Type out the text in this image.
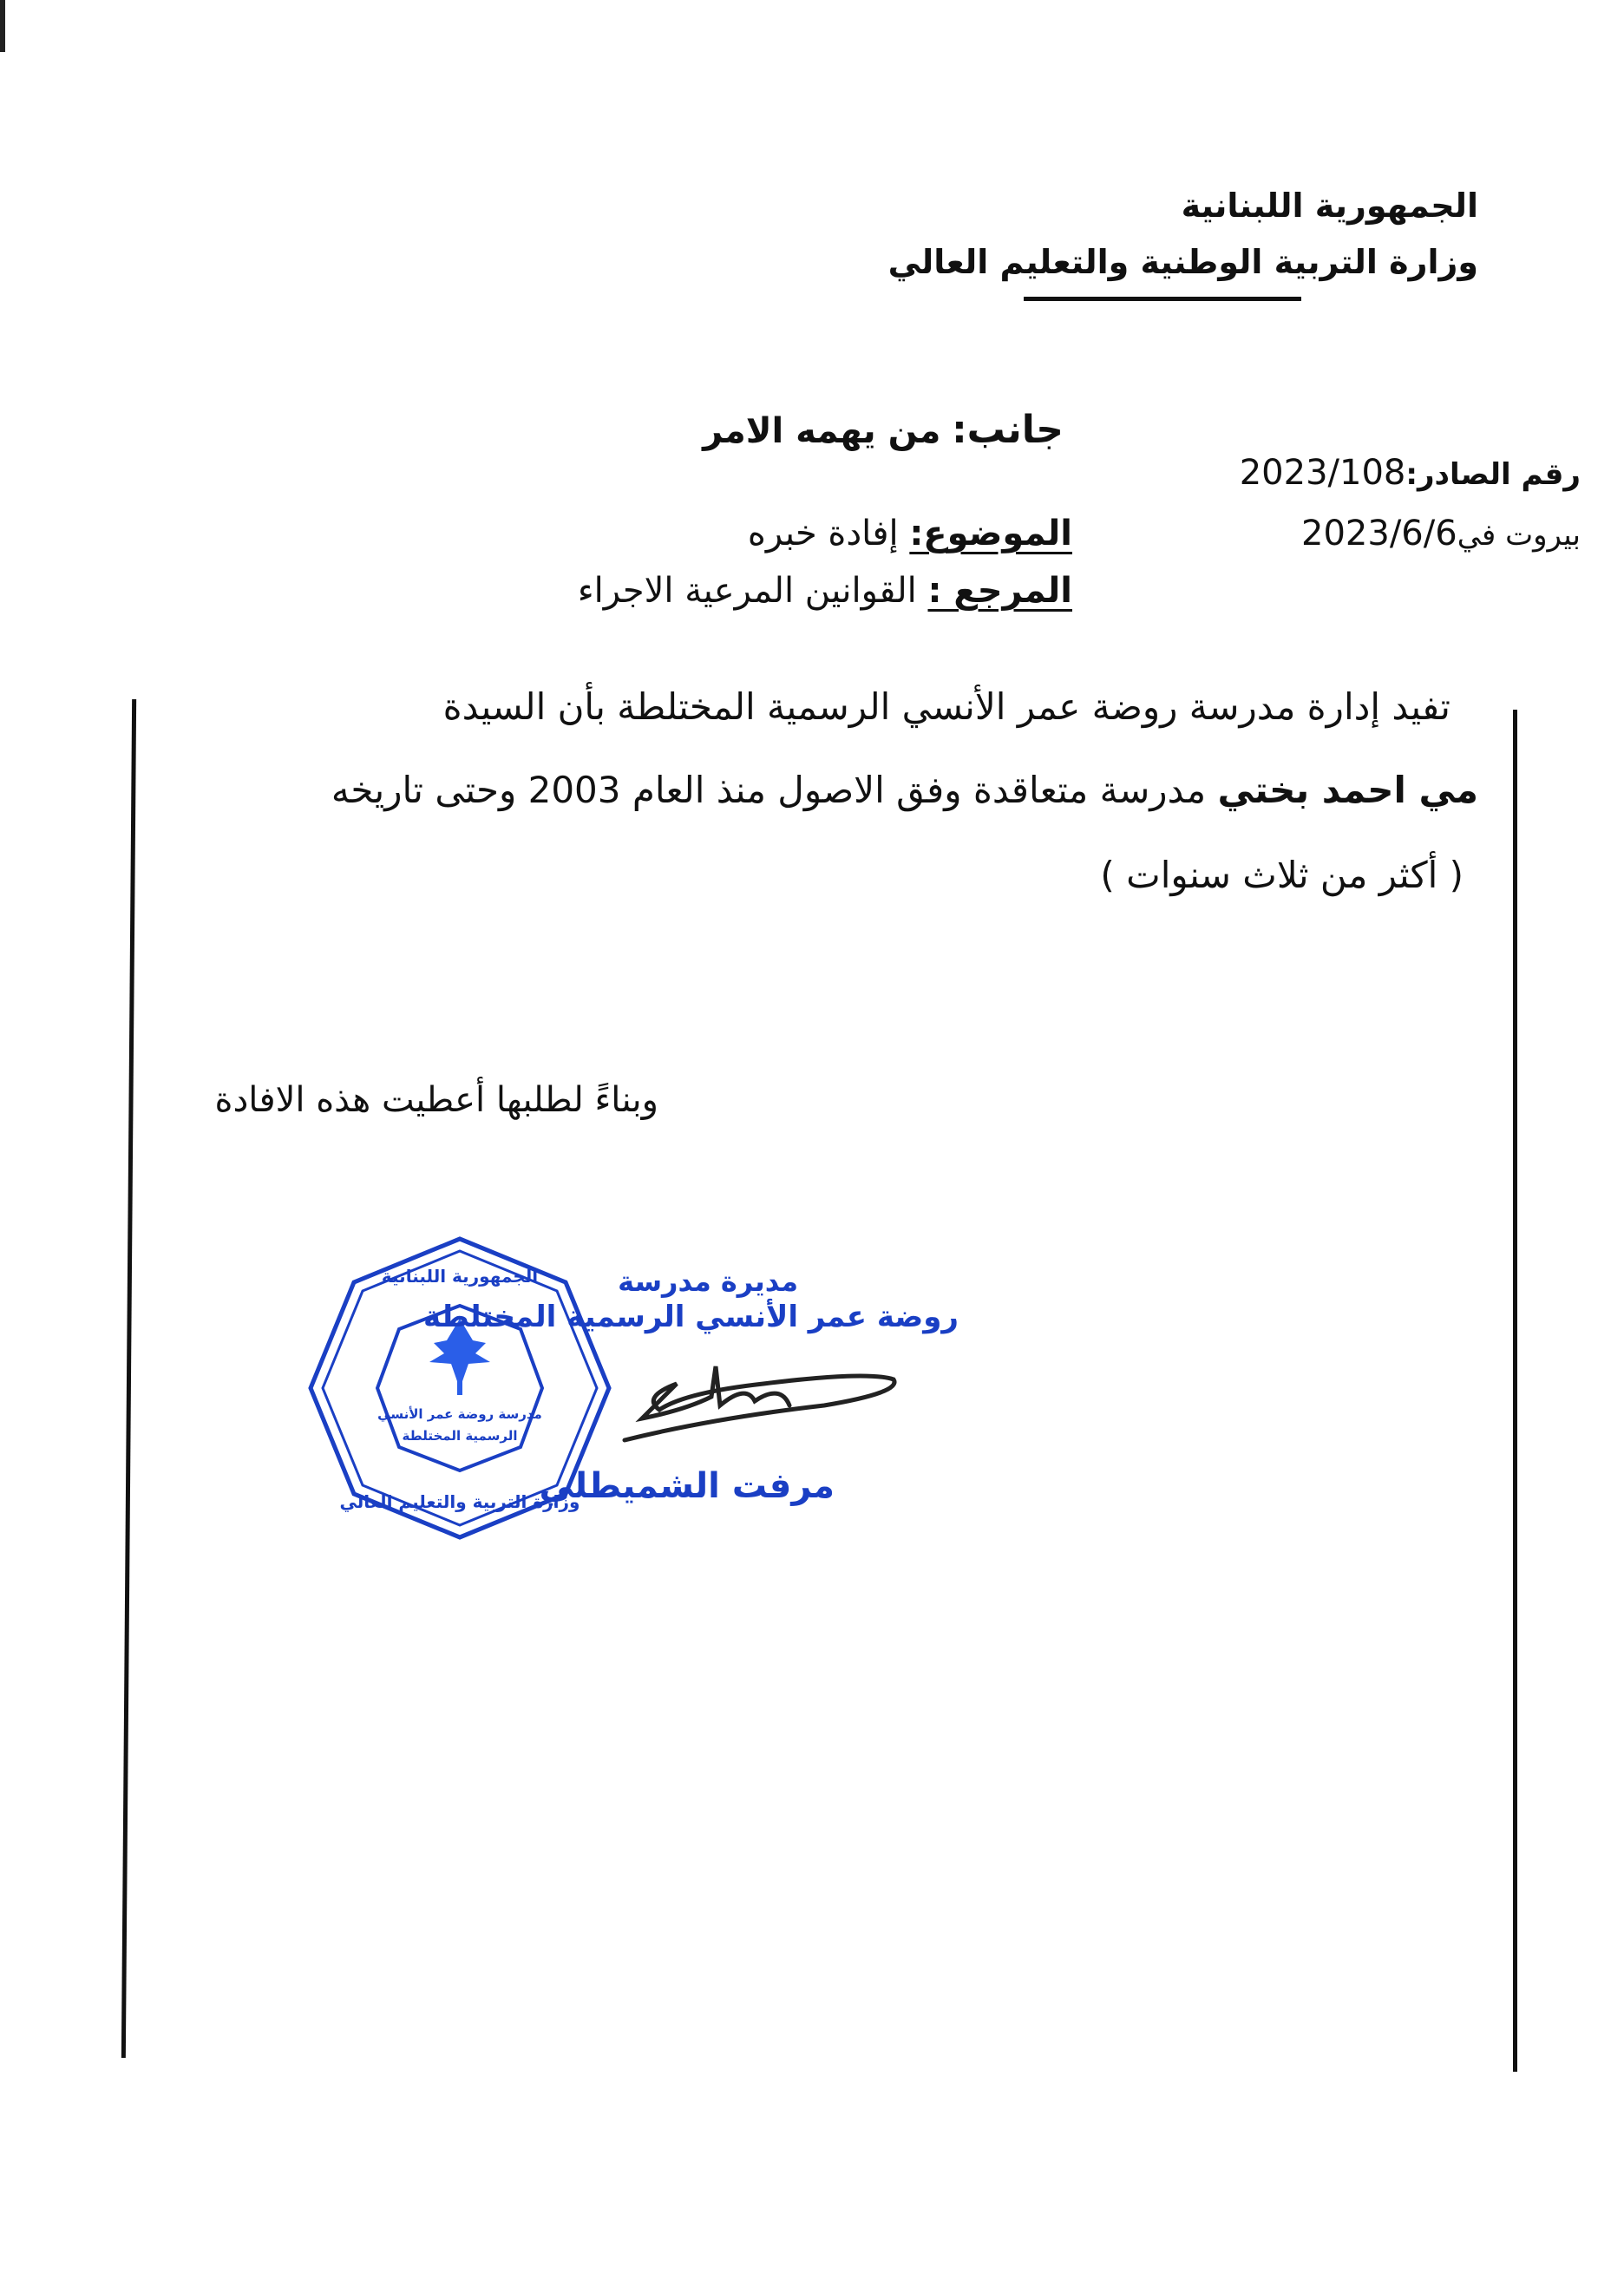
الجمهورية اللبنانية
وزارة التربية الوطنية والتعليم العالي
جانب: من يهمه الامر
رقم الصادر:2023/108
بيروت في2023/6/6
الموضوع: إفادة خبره
المرجع : القوانين المرعية الاجراء
تفيد إدارة مدرسة روضة عمر الأنسي الرسمية المختلطة بأن السيدة
مي احمد بختي مدرسة متعاقدة وفق الاصول منذ العام 2003 وحتى تاريخه
( أكثر من ثلاث سنوات )
وبناءً لطلبها أعطيت هذه الافادة
مدرسة روضة عمر الأنسي
الرسمية المختلطة
الجمهورية اللبنانية
وزارة التربية والتعليم العالي
مديرة مدرسة
روضة عمر الأنسي الرسمية المختلطة
مرفت الشميطلي
